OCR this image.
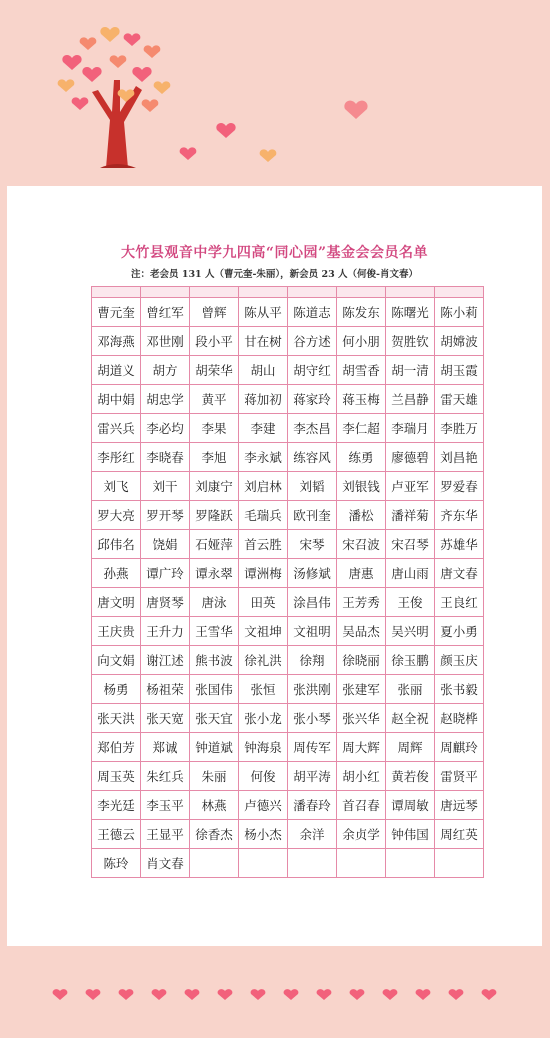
大竹县观音中学九四高“同心园”基金会会员名单
注：老会员 131 人（曹元奎-朱丽），新会员 23 人（何俊-肖文春）

曹元奎	曾红军	曾辉	陈从平	陈道志	陈发东	陈曙光	陈小莉
邓海燕	邓世刚	段小平	甘在树	谷方述	何小朋	贺胜钦	胡嫦波
胡道义	胡方	胡荣华	胡山	胡守红	胡雪香	胡一清	胡玉霞
胡中娟	胡忠学	黄平	蒋加初	蒋家玲	蒋玉梅	兰昌静	雷天雄
雷兴兵	李必均	李果	李建	李杰昌	李仁超	李瑞月	李胜万
李彤红	李晓春	李旭	李永斌	练容风	练勇	廖德碧	刘昌艳
刘飞	刘干	刘康宁	刘启林	刘韬	刘银钱	卢亚军	罗爱春
罗大亮	罗开琴	罗隆跃	毛瑞兵	欧刊奎	潘松	潘祥菊	齐东华
邱伟名	饶娟	石娅萍	首云胜	宋琴	宋召波	宋召琴	苏雄华
孙燕	谭广玲	谭永翠	谭洲梅	汤修斌	唐惠	唐山雨	唐文春
唐文明	唐贤琴	唐泳	田英	涂昌伟	王芳秀	王俊	王良红
王庆贵	王升力	王雪华	文祖坤	文祖明	吴品杰	吴兴明	夏小勇
向文娟	谢江述	熊书波	徐礼洪	徐翔	徐晓丽	徐玉鹏	颜玉庆
杨勇	杨祖荣	张国伟	张恒	张洪刚	张建军	张丽	张书毅
张天洪	张天宽	张天宜	张小龙	张小琴	张兴华	赵全祝	赵晓桦
郑伯芳	郑诚	钟道斌	钟海泉	周传军	周大辉	周辉	周麒玲
周玉英	朱红兵	朱丽	何俊	胡平涛	胡小红	黄若俊	雷贤平
李光廷	李玉平	林燕	卢德兴	潘春玲	首召春	谭周敏	唐远琴
王德云	王显平	徐香杰	杨小杰	余洋	余贞学	钟伟国	周红英
陈玲	肖文春						
